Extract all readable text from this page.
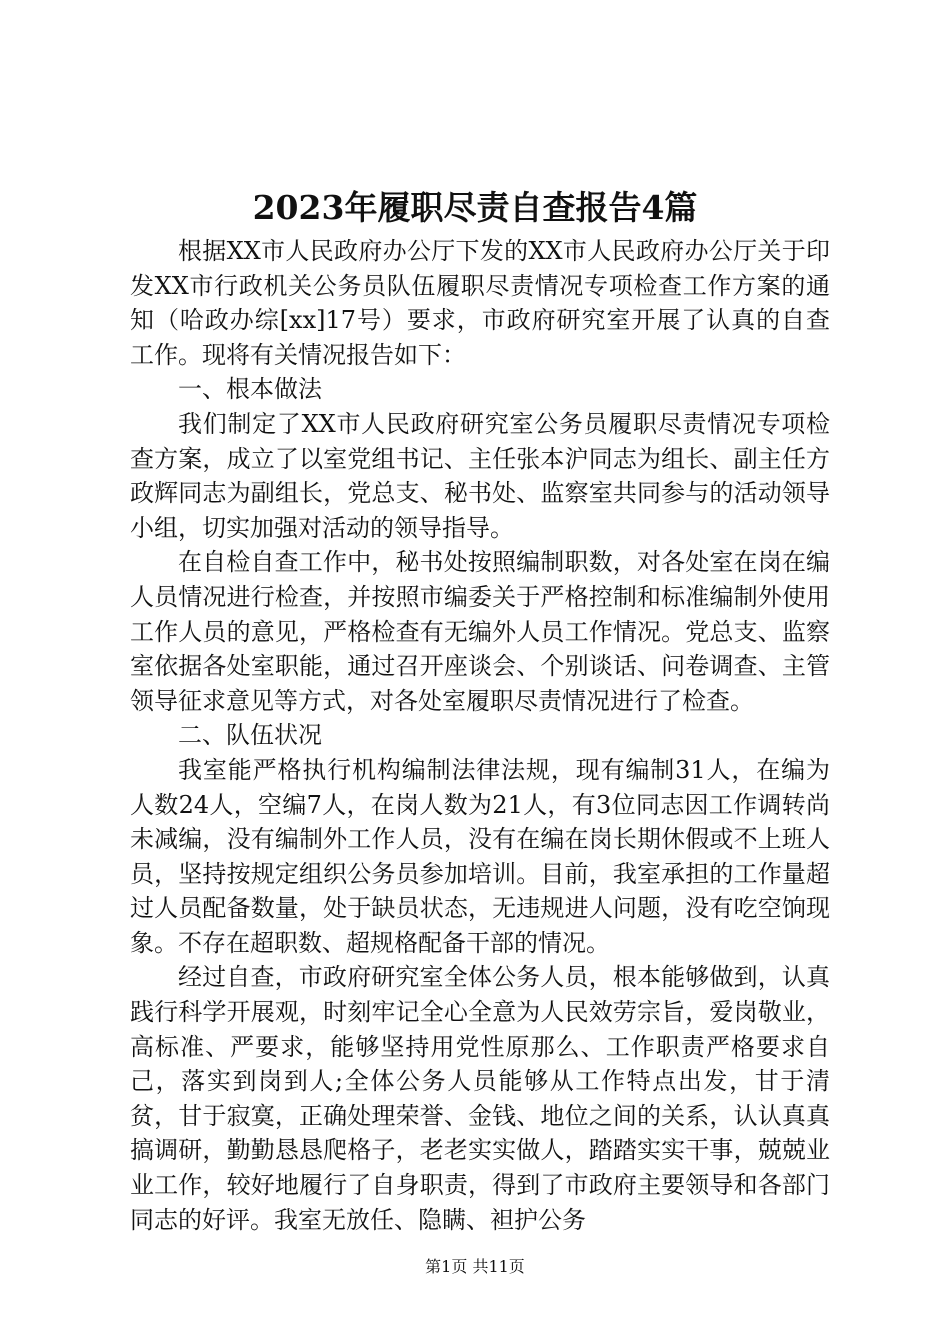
2023年履职尽责自查报告4篇

根据XX市人民政府办公厅下发的XX市人民政府办公厅关于印发XX市行政机关公务员队伍履职尽责情况专项检查工作方案的通知（哈政办综[xx]17号）要求，市政府研究室开展了认真的自查工作。现将有关情况报告如下：

一、根本做法

我们制定了XX市人民政府研究室公务员履职尽责情况专项检查方案，成立了以室党组书记、主任张本沪同志为组长、副主任方政辉同志为副组长，党总支、秘书处、监察室共同参与的活动领导小组，切实加强对活动的领导指导。

在自检自查工作中，秘书处按照编制职数，对各处室在岗在编人员情况进行检查，并按照市编委关于严格控制和标准编制外使用工作人员的意见，严格检查有无编外人员工作情况。党总支、监察室依据各处室职能，通过召开座谈会、个别谈话、问卷调查、主管领导征求意见等方式，对各处室履职尽责情况进行了检查。

二、队伍状况

我室能严格执行机构编制法律法规，现有编制31人，在编为人数24人，空编7人，在岗人数为21人，有3位同志因工作调转尚未减编，没有编制外工作人员，没有在编在岗长期休假或不上班人员，坚持按规定组织公务员参加培训。目前，我室承担的工作量超过人员配备数量，处于缺员状态，无违规进人问题，没有吃空饷现象。不存在超职数、超规格配备干部的情况。

经过自查，市政府研究室全体公务人员，根本能够做到，认真践行科学开展观，时刻牢记全心全意为人民效劳宗旨，爱岗敬业，高标准、严要求，能够坚持用党性原那么、工作职责严格要求自己，落实到岗到人;全体公务人员能够从工作特点出发，甘于清贫，甘于寂寞，正确处理荣誉、金钱、地位之间的关系，认认真真搞调研，勤勤恳恳爬格子，老老实实做人，踏踏实实干事，兢兢业业工作，较好地履行了自身职责，得到了市政府主要领导和各部门同志的好评。我室无放任、隐瞒、袒护公务

第1页 共11页
